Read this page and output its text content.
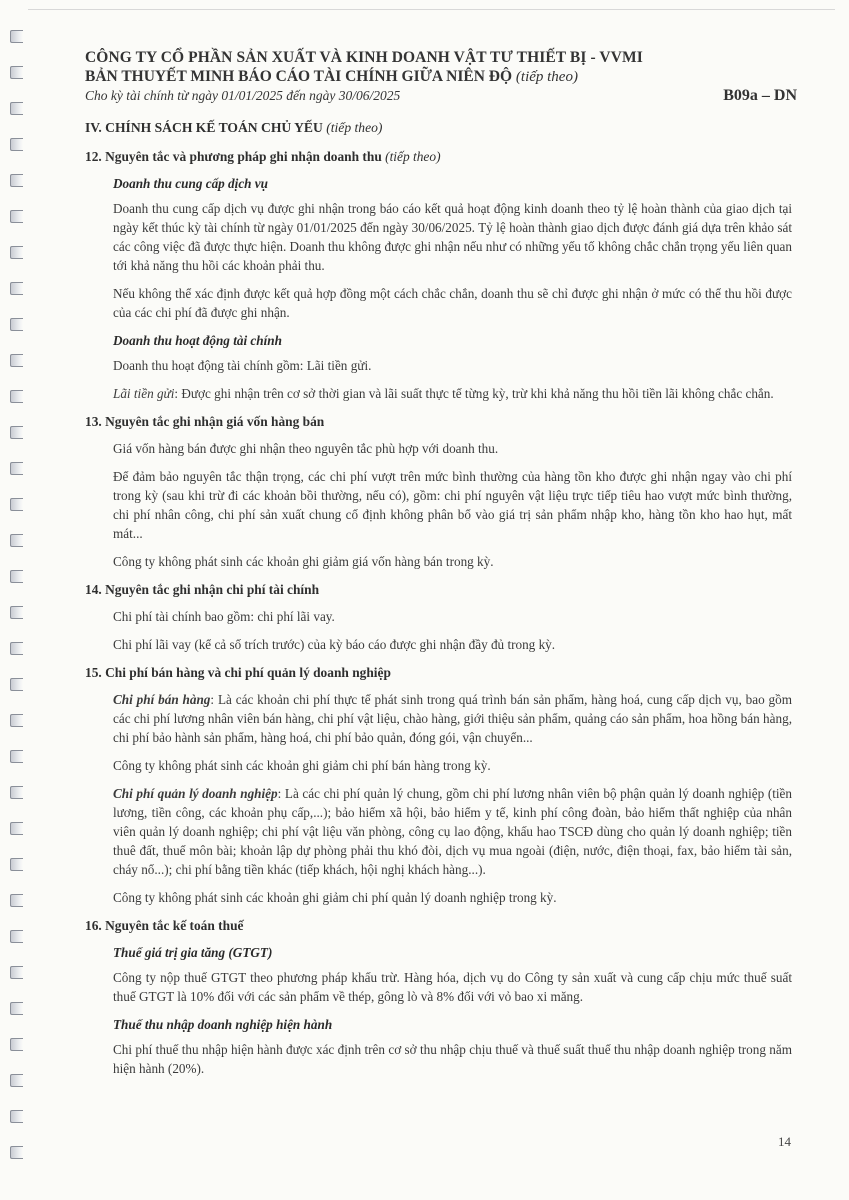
CÔNG TY CỔ PHẦN SẢN XUẤT VÀ KINH DOANH VẬT TƯ THIẾT BỊ - VVMI
BẢN THUYẾT MINH BÁO CÁO TÀI CHÍNH GIỮA NIÊN ĐỘ (tiếp theo)
Cho kỳ tài chính từ ngày 01/01/2025 đến ngày 30/06/2025	B09a – DN
IV. CHÍNH SÁCH KẾ TOÁN CHỦ YẾU (tiếp theo)
12. Nguyên tắc và phương pháp ghi nhận doanh thu (tiếp theo)
Doanh thu cung cấp dịch vụ
Doanh thu cung cấp dịch vụ được ghi nhận trong báo cáo kết quả hoạt động kinh doanh theo tỷ lệ hoàn thành của giao dịch tại ngày kết thúc kỳ tài chính từ ngày 01/01/2025 đến ngày 30/06/2025. Tỷ lệ hoàn thành giao dịch được đánh giá dựa trên khảo sát các công việc đã được thực hiện. Doanh thu không được ghi nhận nếu như có những yếu tố không chắc chắn trọng yếu liên quan tới khả năng thu hồi các khoản phải thu.
Nếu không thể xác định được kết quả hợp đồng một cách chắc chắn, doanh thu sẽ chỉ được ghi nhận ở mức có thể thu hồi được của các chi phí đã được ghi nhận.
Doanh thu hoạt động tài chính
Doanh thu hoạt động tài chính gồm: Lãi tiền gửi.
Lãi tiền gửi: Được ghi nhận trên cơ sở thời gian và lãi suất thực tế từng kỳ, trừ khi khả năng thu hồi tiền lãi không chắc chắn.
13. Nguyên tắc ghi nhận giá vốn hàng bán
Giá vốn hàng bán được ghi nhận theo nguyên tắc phù hợp với doanh thu.
Để đảm bảo nguyên tắc thận trọng, các chi phí vượt trên mức bình thường của hàng tồn kho được ghi nhận ngay vào chi phí trong kỳ (sau khi trừ đi các khoản bồi thường, nếu có), gồm: chi phí nguyên vật liệu trực tiếp tiêu hao vượt mức bình thường, chi phí nhân công, chi phí sản xuất chung cố định không phân bổ vào giá trị sản phẩm nhập kho, hàng tồn kho hao hụt, mất mát...
Công ty không phát sinh các khoản ghi giảm giá vốn hàng bán trong kỳ.
14. Nguyên tắc ghi nhận chi phí tài chính
Chi phí tài chính bao gồm: chi phí lãi vay.
Chi phí lãi vay (kể cả số trích trước) của kỳ báo cáo được ghi nhận đầy đủ trong kỳ.
15. Chi phí bán hàng và chi phí quản lý doanh nghiệp
Chi phí bán hàng: Là các khoản chi phí thực tế phát sinh trong quá trình bán sản phẩm, hàng hoá, cung cấp dịch vụ, bao gồm các chi phí lương nhân viên bán hàng, chi phí vật liệu, chào hàng, giới thiệu sản phẩm, quảng cáo sản phẩm, hoa hồng bán hàng, chi phí bảo hành sản phẩm, hàng hoá, chi phí bảo quản, đóng gói, vận chuyển...
Công ty không phát sinh các khoản ghi giảm chi phí bán hàng trong kỳ.
Chi phí quản lý doanh nghiệp: Là các chi phí quản lý chung, gồm chi phí lương nhân viên bộ phận quản lý doanh nghiệp (tiền lương, tiền công, các khoản phụ cấp,...); bảo hiểm xã hội, bảo hiểm y tế, kinh phí công đoàn, bảo hiểm thất nghiệp của nhân viên quản lý doanh nghiệp; chi phí vật liệu văn phòng, công cụ lao động, khấu hao TSCĐ dùng cho quản lý doanh nghiệp; tiền thuê đất, thuế môn bài; khoản lập dự phòng phải thu khó đòi, dịch vụ mua ngoài (điện, nước, điện thoại, fax, bảo hiểm tài sản, cháy nổ...); chi phí bằng tiền khác (tiếp khách, hội nghị khách hàng...).
Công ty không phát sinh các khoản ghi giảm chi phí quản lý doanh nghiệp trong kỳ.
16. Nguyên tắc kế toán thuế
Thuế giá trị gia tăng (GTGT)
Công ty nộp thuế GTGT theo phương pháp khấu trừ. Hàng hóa, dịch vụ do Công ty sản xuất và cung cấp chịu mức thuế suất thuế GTGT là 10% đối với các sản phẩm về thép, gông lò và 8% đối với vỏ bao xi măng.
Thuế thu nhập doanh nghiệp hiện hành
Chi phí thuế thu nhập hiện hành được xác định trên cơ sở thu nhập chịu thuế và thuế suất thuế thu nhập doanh nghiệp trong năm hiện hành (20%).
14
